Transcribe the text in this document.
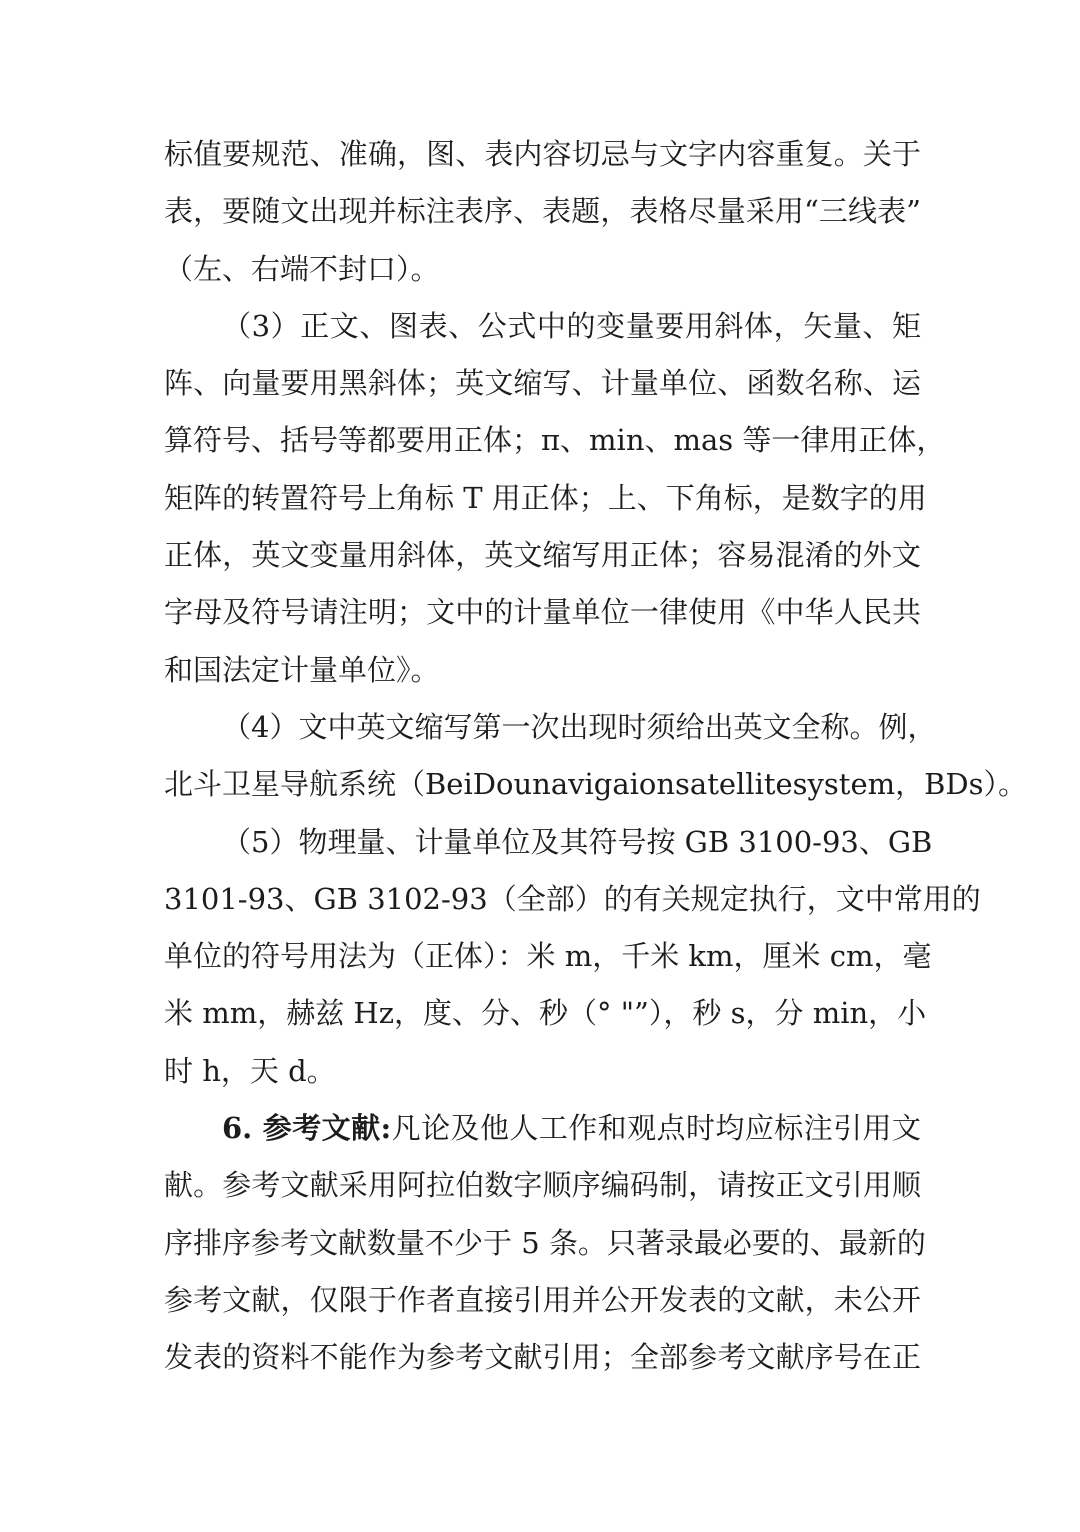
标值要规范、准确，图、表内容切忌与文字内容重复。关于
表，要随文出现并标注表序、表题，表格尽量采用“三线表”
（左、右端不封口）。
（3）正文、图表、公式中的变量要用斜体，矢量、矩
阵、向量要用黑斜体；英文缩写、计量单位、函数名称、运
算符号、括号等都要用正体；π、min、mas 等一律用正体，
矩阵的转置符号上角标 T 用正体；上、下角标，是数字的用
正体，英文变量用斜体，英文缩写用正体；容易混淆的外文
字母及符号请注明；文中的计量单位一律使用《中华人民共
和国法定计量单位》。
（4）文中英文缩写第一次出现时须给出英文全称。例，
北斗卫星导航系统（BeiDounavigaionsatellitesystem，BDs）。
（5）物理量、计量单位及其符号按 GB 3100-93、GB
3101-93、GB 3102-93（全部）的有关规定执行，文中常用的
单位的符号用法为（正体）：米 m，千米 km，厘米 cm，毫
米 mm，赫兹 Hz，度、分、秒（° "”），秒 s，分 min，小
时 h，天 d。
6. 参考文献:凡论及他人工作和观点时均应标注引用文
献。参考文献采用阿拉伯数字顺序编码制，请按正文引用顺
序排序参考文献数量不少于 5 条。只著录最必要的、最新的
参考文献，仅限于作者直接引用并公开发表的文献，未公开
发表的资料不能作为参考文献引用；全部参考文献序号在正
